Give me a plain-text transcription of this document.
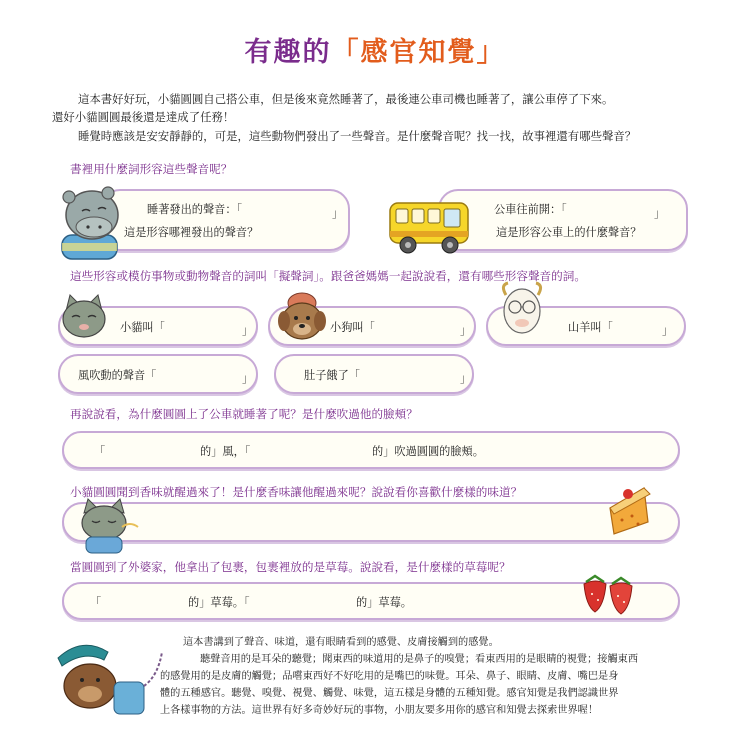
有趣的「感官知覺」
這本書好好玩，小貓圓圓自己搭公車，但是後來竟然睡著了，最後連公車司機也睡著了，讓公車停了下來。
還好小貓圓圓最後還是達成了任務！
睡覺時應該是安安靜靜的，可是，這些動物們發出了一些聲音。是什麼聲音呢？找一找，故事裡還有哪些聲音？
書裡用什麼詞形容這些聲音呢？
睡著發出的聲音：「	」
這是形容哪裡發出的聲音？
公車往前開：「	」
這是形容公車上的什麼聲音？
這些形容或模仿事物或動物聲音的詞叫「擬聲詞」。跟爸爸媽媽一起說說看，還有哪些形容聲音的詞。
小貓叫「	」	小狗叫「	」	山羊叫「	」
風吹動的聲音「	」	肚子餓了「	」
再說說看，為什麼圓圓上了公車就睡著了呢？是什麼吹過他的臉頰？
「	的」風，「	的」吹過圓圓的臉頰。
小貓圓圓聞到香味就醒過來了！是什麼香味讓他醒過來呢？說說看你喜歡什麼樣的味道？
當圓圓到了外婆家，他拿出了包裹，包裹裡放的是草莓。說說看，是什麼樣的草莓呢？
「	的」草莓。「	的」草莓。
這本書講到了聲音、味道，還有眼睛看到的感覺、皮膚接觸到的感覺。
聽聲音用的是耳朵的聽覺；聞東西的味道用的是鼻子的嗅覺；看東西用的是眼睛的視覺；接觸東西
的感覺用的是皮膚的觸覺；品嚐東西好不好吃用的是嘴巴的味覺。耳朵、鼻子、眼睛、皮膚、嘴巴是身
體的五種感官。聽覺、嗅覺、視覺、觸覺、味覺，這五樣是身體的五種知覺。感官知覺是我們認識世界
上各樣事物的方法。這世界有好多奇妙好玩的事物，小朋友要多用你的感官和知覺去探索世界喔！
